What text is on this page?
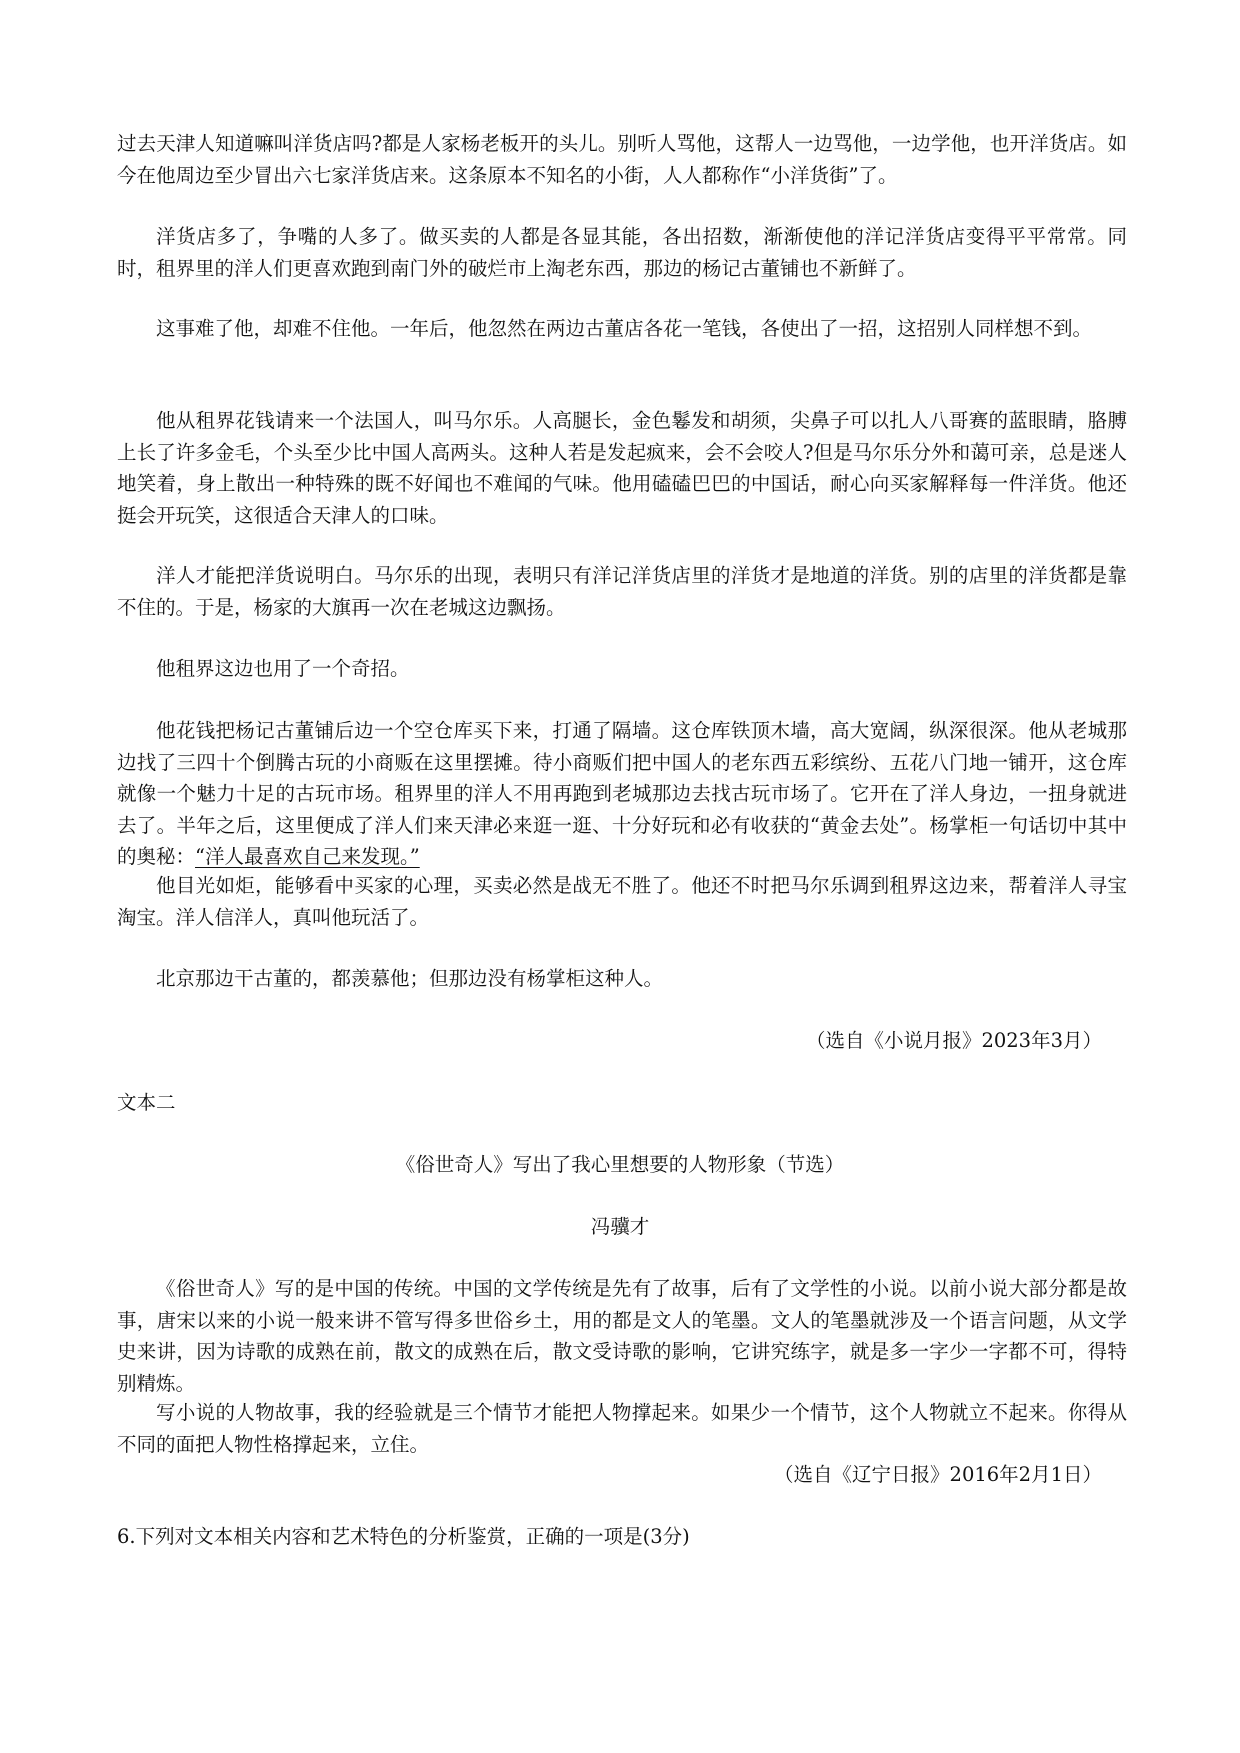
过去天津人知道嘛叫洋货店吗?都是人家杨老板开的头儿。别听人骂他，这帮人一边骂他，一边学他，也开洋货店。如今在他周边至少冒出六七家洋货店来。这条原本不知名的小街，人人都称作“小洋货街”了。

洋货店多了，争嘴的人多了。做买卖的人都是各显其能，各出招数，渐渐使他的洋记洋货店变得平平常常。同时，租界里的洋人们更喜欢跑到南门外的破烂市上淘老东西，那边的杨记古董铺也不新鲜了。

这事难了他，却难不住他。一年后，他忽然在两边古董店各花一笔钱，各使出了一招，这招别人同样想不到。

他从租界花钱请来一个法国人，叫马尔乐。人高腿长，金色鬈发和胡须，尖鼻子可以扎人八哥赛的蓝眼睛，胳膊上长了许多金毛，个头至少比中国人高两头。这种人若是发起疯来，会不会咬人?但是马尔乐分外和蔼可亲，总是迷人地笑着，身上散出一种特殊的既不好闻也不难闻的气味。他用磕磕巴巴的中国话，耐心向买家解释每一件洋货。他还挺会开玩笑，这很适合天津人的口味。

洋人才能把洋货说明白。马尔乐的出现，表明只有洋记洋货店里的洋货才是地道的洋货。别的店里的洋货都是靠不住的。于是，杨家的大旗再一次在老城这边飘扬。

他租界这边也用了一个奇招。

他花钱把杨记古董铺后边一个空仓库买下来，打通了隔墙。这仓库铁顶木墙，高大宽阔，纵深很深。他从老城那边找了三四十个倒腾古玩的小商贩在这里摆摊。待小商贩们把中国人的老东西五彩缤纷、五花八门地一铺开，这仓库就像一个魅力十足的古玩市场。租界里的洋人不用再跑到老城那边去找古玩市场了。它开在了洋人身边，一扭身就进去了。半年之后，这里便成了洋人们来天津必来逛一逛、十分好玩和必有收获的“黄金去处”。杨掌柜一句话切中其中的奥秘：“洋人最喜欢自己来发现。”

他目光如炬，能够看中买家的心理，买卖必然是战无不胜了。他还不时把马尔乐调到租界这边来，帮着洋人寻宝淘宝。洋人信洋人，真叫他玩活了。

北京那边干古董的，都羡慕他；但那边没有杨掌柜这种人。

（选自《小说月报》2023年3月）

文本二

《俗世奇人》写出了我心里想要的人物形象（节选）

冯骥才

《俗世奇人》写的是中国的传统。中国的文学传统是先有了故事，后有了文学性的小说。以前小说大部分都是故事，唐宋以来的小说一般来讲不管写得多世俗乡土，用的都是文人的笔墨。文人的笔墨就涉及一个语言问题，从文学史来讲，因为诗歌的成熟在前，散文的成熟在后，散文受诗歌的影响，它讲究练字，就是多一字少一字都不可，得特别精炼。

写小说的人物故事，我的经验就是三个情节才能把人物撑起来。如果少一个情节，这个人物就立不起来。你得从不同的面把人物性格撑起来，立住。

（选自《辽宁日报》2016年2月1日）

6.下列对文本相关内容和艺术特色的分析鉴赏，正确的一项是(3分)
